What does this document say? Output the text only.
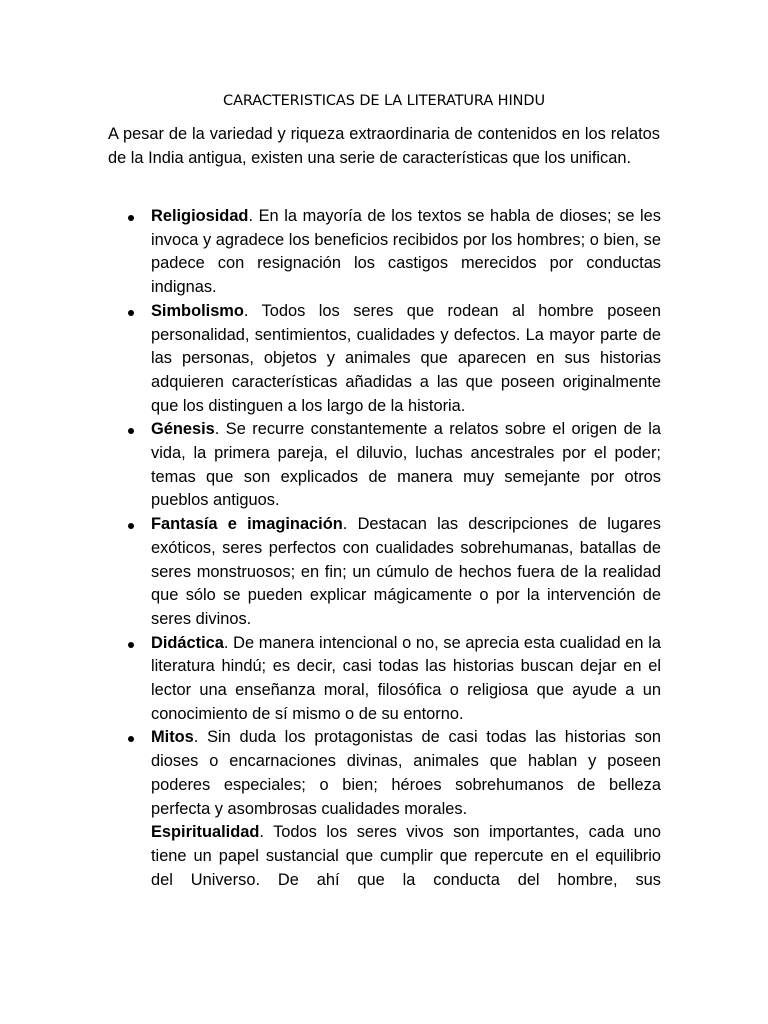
CARACTERISTICAS DE LA LITERATURA HINDU

A pesar de la variedad y riqueza extraordinaria de contenidos en los relatos de la India antigua, existen una serie de características que los unifican.

Religiosidad. En la mayoría de los textos se habla de dioses; se les invoca y agradece los beneficios recibidos por los hombres; o bien, se padece con resignación los castigos merecidos por conductas indignas.
Simbolismo. Todos los seres que rodean al hombre poseen personalidad, sentimientos, cualidades y defectos. La mayor parte de las personas, objetos y animales que aparecen en sus historias adquieren características añadidas a las que poseen originalmente que los distinguen a los largo de la historia.
Génesis. Se recurre constantemente a relatos sobre el origen de la vida, la primera pareja, el diluvio, luchas ancestrales por el poder; temas que son explicados de manera muy semejante por otros pueblos antiguos.
Fantasía e imaginación. Destacan las descripciones de lugares exóticos, seres perfectos con cualidades sobrehumanas, batallas de seres monstruosos; en fin; un cúmulo de hechos fuera de la realidad que sólo se pueden explicar mágicamente o por la intervención de seres divinos.
Didáctica. De manera intencional o no, se aprecia esta cualidad en la literatura hindú; es decir, casi todas las historias buscan dejar en el lector una enseñanza moral, filosófica o religiosa que ayude a un conocimiento de sí mismo o de su entorno.
Mitos. Sin duda los protagonistas de casi todas las historias son dioses o encarnaciones divinas, animales que hablan y poseen poderes especiales; o bien; héroes sobrehumanos de belleza perfecta y asombrosas cualidades morales.
Espiritualidad. Todos los seres vivos son importantes, cada uno tiene un papel sustancial que cumplir que repercute en el equilibrio del Universo. De ahí que la conducta del hombre, sus
